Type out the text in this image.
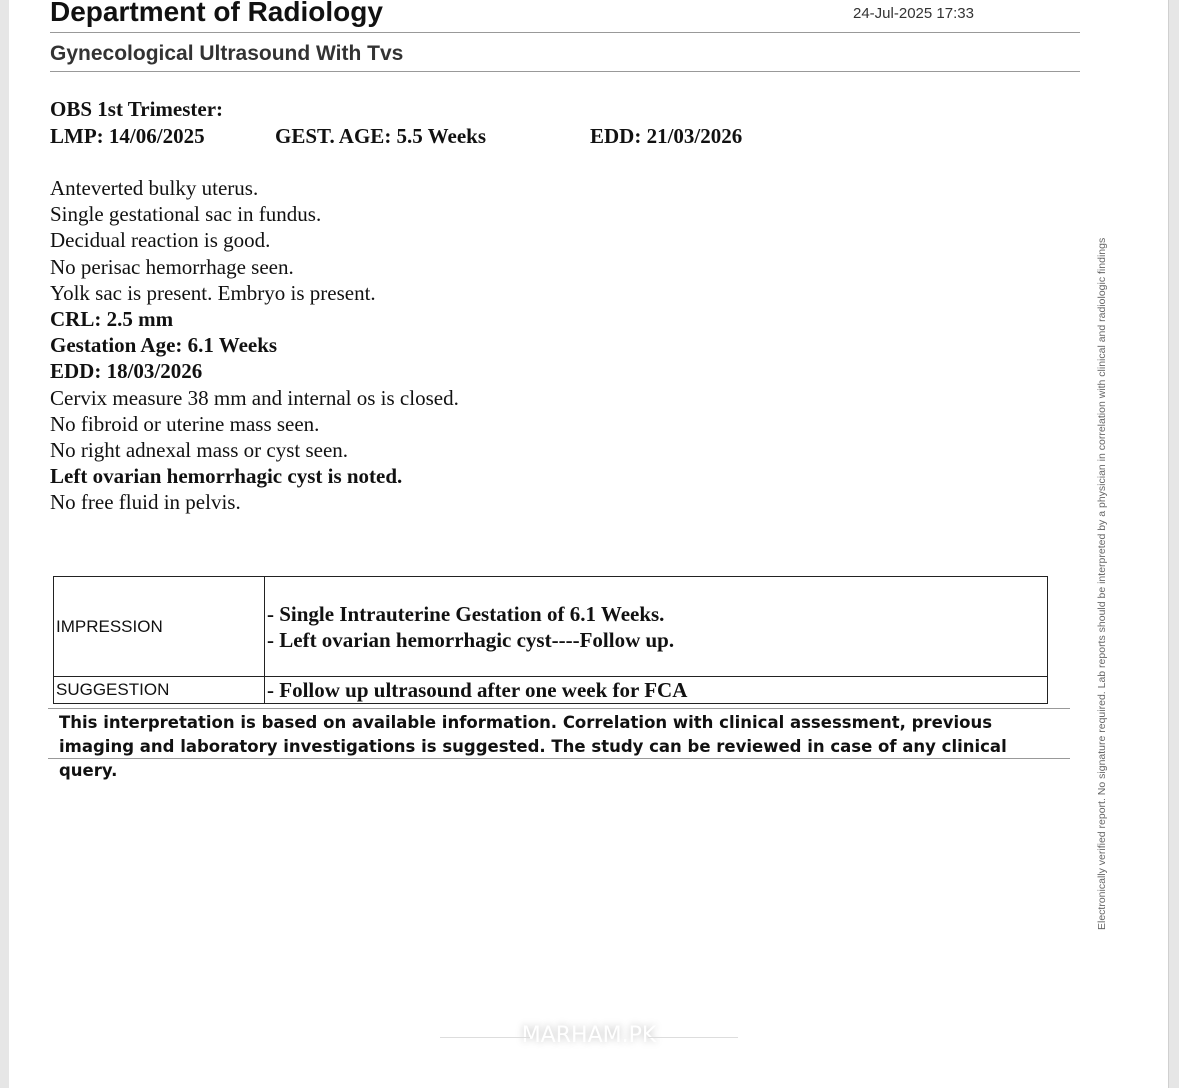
Department of Radiology	24-Jul-2025 17:33
Gynecological Ultrasound With Tvs
OBS 1st Trimester:
LMP: 14/06/2025	GEST. AGE: 5.5 Weeks	EDD: 21/03/2026
Anteverted bulky uterus.
Single gestational sac in fundus.
Decidual reaction is good.
No perisac hemorrhage seen.
Yolk sac is present. Embryo is present.
CRL: 2.5 mm
Gestation Age: 6.1 Weeks
EDD: 18/03/2026
Cervix measure 38 mm and internal os is closed.
No fibroid or uterine mass seen.
No right adnexal mass or cyst seen.
Left ovarian hemorrhagic cyst is noted.
No free fluid in pelvis.
IMPRESSION	- Single Intrauterine Gestation of 6.1 Weeks.
- Left ovarian hemorrhagic cyst----Follow up.

SUGGESTION	- Follow up ultrasound after one week for FCA
This interpretation is based on available information. Correlation with clinical assessment, previous imaging and laboratory investigations is suggested. The study can be reviewed in case of any clinical query.	Electronically verified report. No signature required. Lab reports should be interpreted by a physician in correlation with clinical and radiologic findings
MARHAM.PK
